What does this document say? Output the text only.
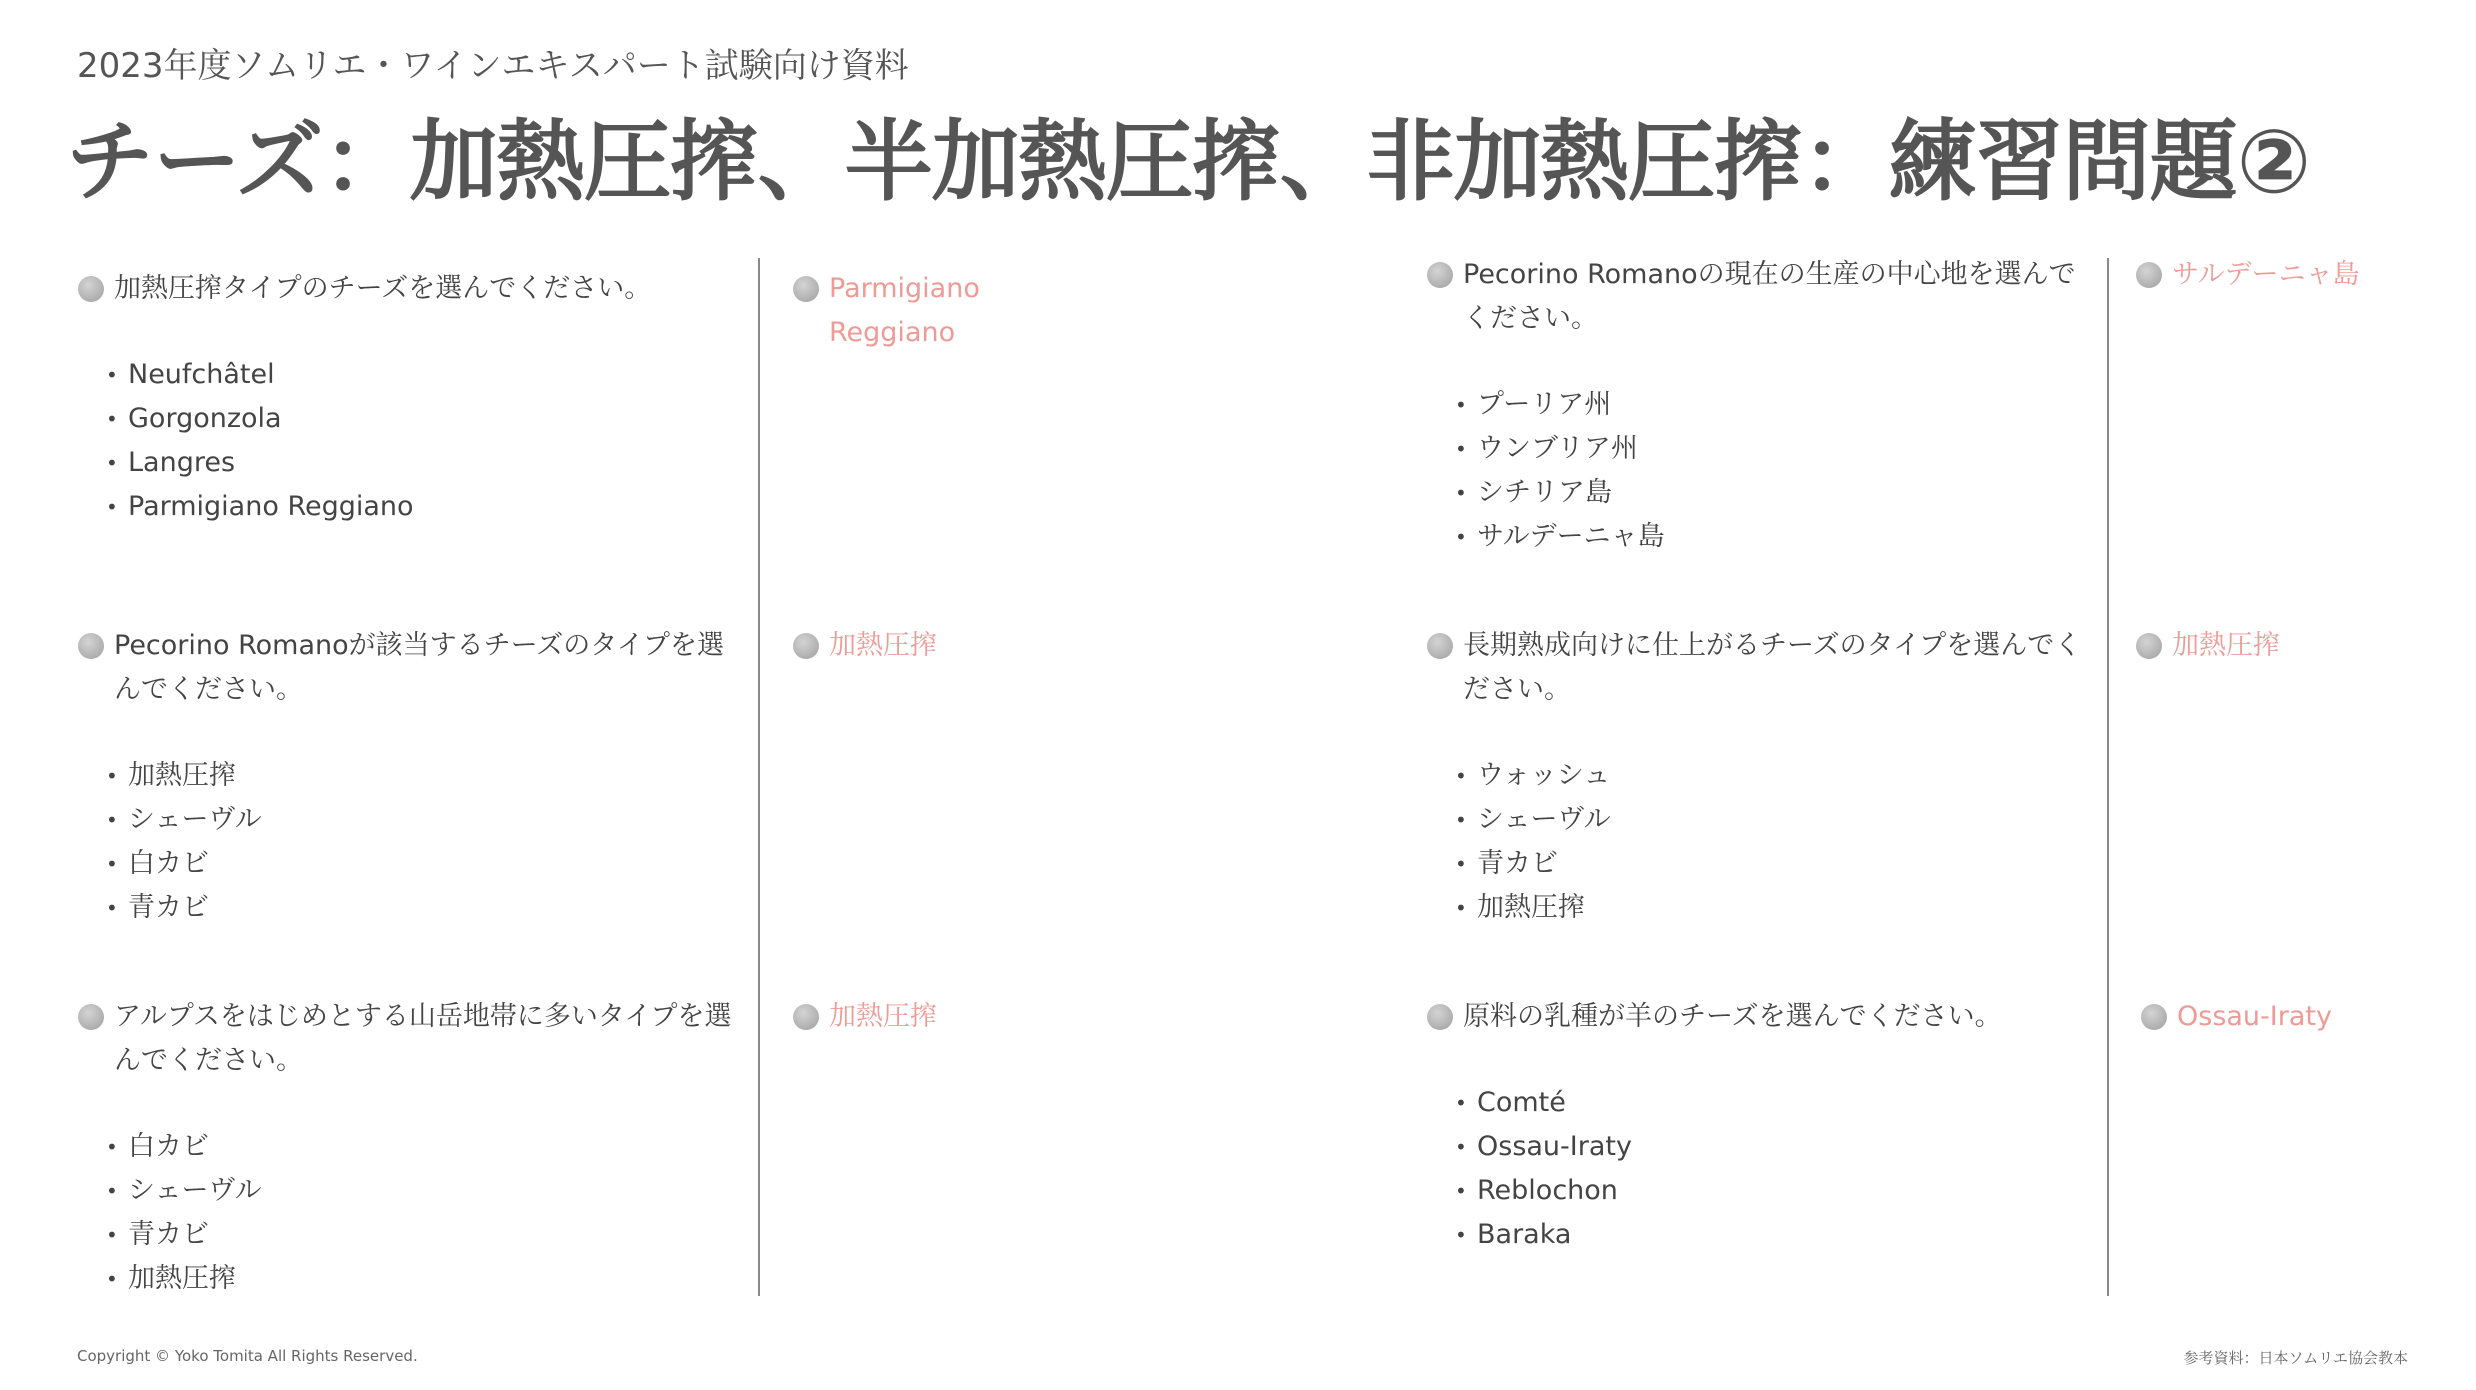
2023年度ソムリエ・ワインエキスパート試験向け資料
チーズ：加熱圧搾、半加熱圧搾、非加熱圧搾：練習問題②
加熱圧搾タイプのチーズを選んでください。
• Neufchâtel
• Gorgonzola
• Langres
• Parmigiano Reggiano
Parmigiano Reggiano
Pecorino Romanoが該当するチーズのタイプを選んでください。
• 加熱圧搾
• シェーヴル
• 白カビ
• 青カビ
加熱圧搾
アルプスをはじめとする山岳地帯に多いタイプを選んでください。
• 白カビ
• シェーヴル
• 青カビ
• 加熱圧搾
加熱圧搾
Pecorino Romanoの現在の生産の中心地を選んでください。
• プーリア州
• ウンブリア州
• シチリア島
• サルデーニャ島
サルデーニャ島
長期熟成向けに仕上がるチーズのタイプを選んでください。
• ウォッシュ
• シェーヴル
• 青カビ
• 加熱圧搾
加熱圧搾
原料の乳種が羊のチーズを選んでください。
• Comté
• Ossau-Iraty
• Reblochon
• Baraka
Ossau-Iraty
Copyright © Yoko Tomita All Rights Reserved.	参考資料：日本ソムリエ協会教本
